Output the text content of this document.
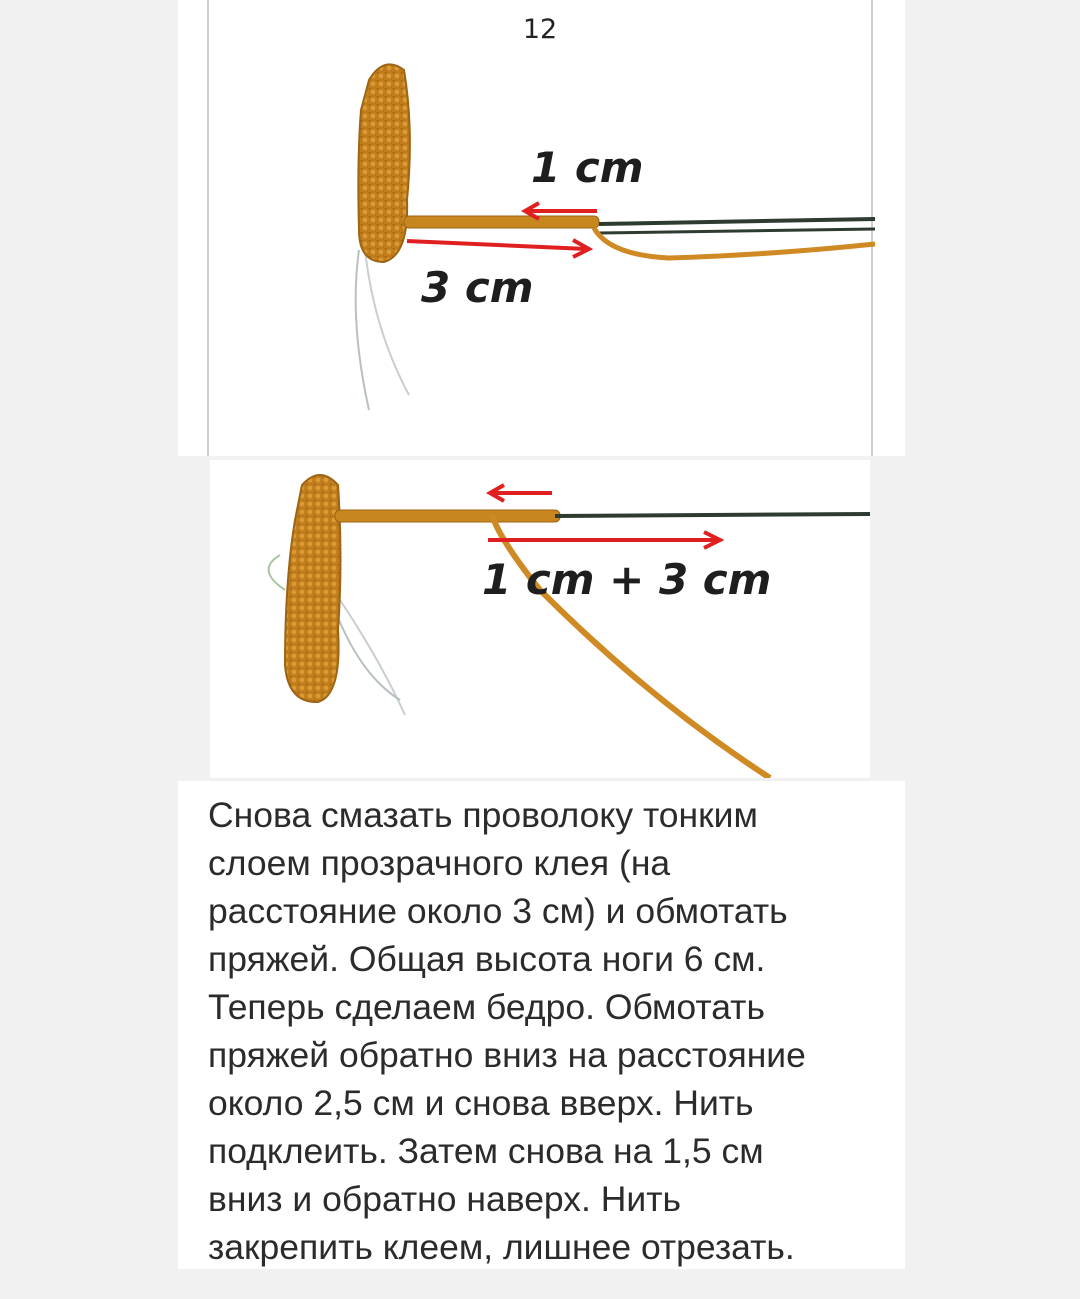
12
1 cm
3 cm
1 cm + 3 cm
Снова смазать проволоку тонким
слоем прозрачного клея (на
расстояние около 3 см) и обмотать
пряжей. Общая высота ноги 6 см.
Теперь сделаем бедро. Обмотать
пряжей обратно вниз на расстояние
около 2,5 см и снова вверх. Нить
подклеить. Затем снова на 1,5 см
вниз и обратно наверх. Нить
закрепить клеем, лишнее отрезать.
